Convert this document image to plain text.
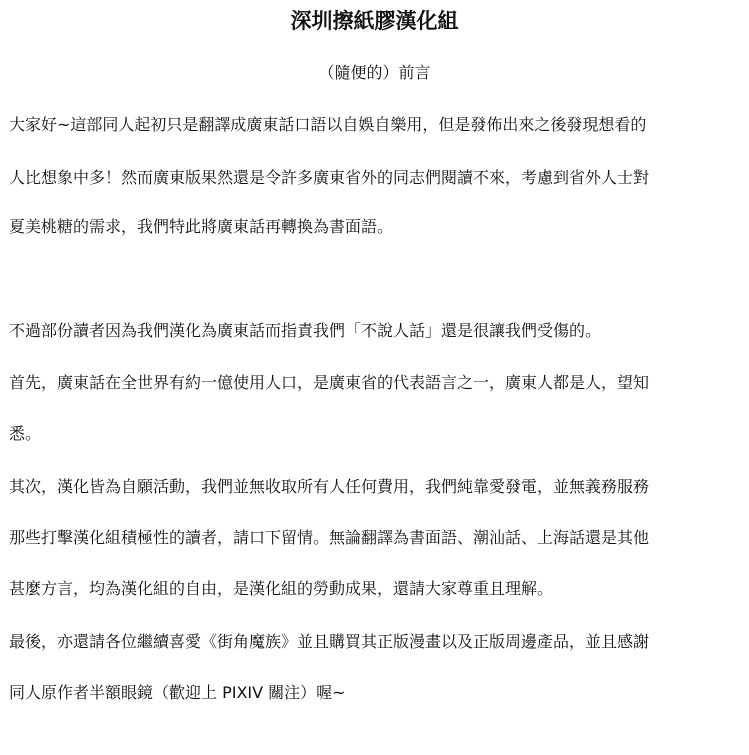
深圳擦紙膠漢化組
（隨便的）前言
大家好~這部同人起初只是翻譯成廣東話口語以自娛自樂用，但是發佈出來之後發現想看的
人比想象中多！然而廣東版果然還是令許多廣東省外的同志們閱讀不來，考慮到省外人士對
夏美桃糖的需求，我們特此將廣東話再轉換為書面語。
不過部份讀者因為我們漢化為廣東話而指責我們「不說人話」還是很讓我們受傷的。
首先，廣東話在全世界有約一億使用人口，是廣東省的代表語言之一，廣東人都是人，望知
悉。
其次，漢化皆為自願活動，我們並無收取所有人任何費用，我們純靠愛發電，並無義務服務
那些打擊漢化組積極性的讀者，請口下留情。無論翻譯為書面語、潮汕話、上海話還是其他
甚麼方言，均為漢化組的自由，是漢化組的勞動成果，還請大家尊重且理解。
最後，亦還請各位繼續喜愛《街角魔族》並且購買其正版漫畫以及正版周邊產品，並且感謝
同人原作者半額眼鏡（歡迎上 PIXIV 關注）喔~
